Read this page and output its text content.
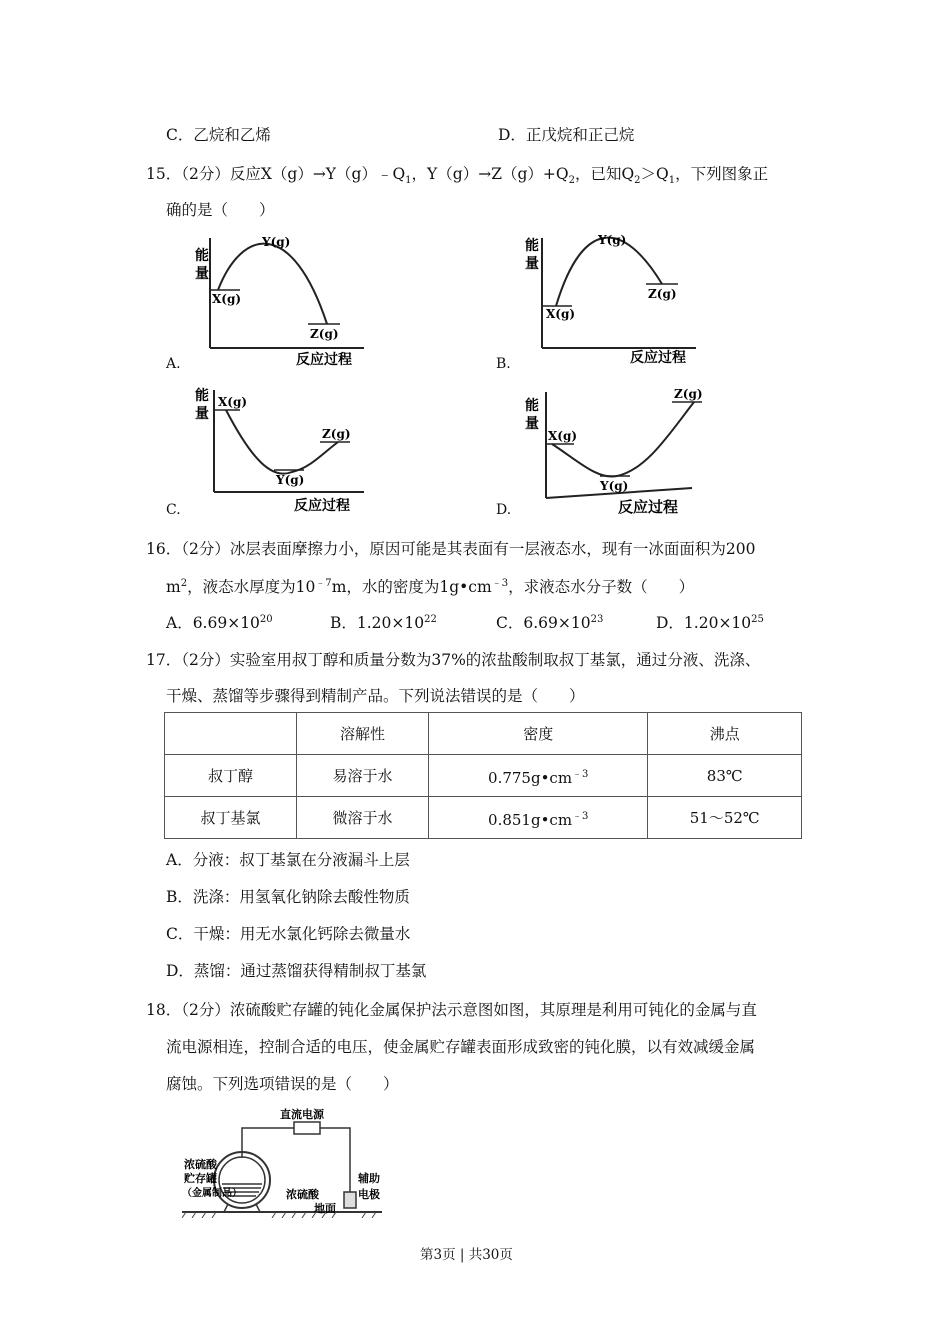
C．乙烷和乙烯	D．正戊烷和正己烷
15．（2分）反应$X(g)\to Y(g)﹣Q_1$，$Y(g)\to Z(g)+Q_2$，已知$Q_2>Q_1$，下列图象正
确的是（　　）
能
量
X(g)
Y(g)
Z(g)
反应过程
A.
能
量
X(g)
Y(g)
Z(g)
反应过程
B.
能
量
X(g)
Y(g)
Z(g)
反应过程
C.
能
量
X(g)
Y(g)
Z(g)
反应过程
D.
16．（2分）冰层表面摩擦力小，原因可能是其表面有一层液态水，现有一冰面面积为200
$m^2$，液态水厚度为$10^{﹣7}m$，水的密度为$1g•cm^{﹣3}$，求液态水分子数（　　）
A．$6.69\times 10^{20}$	B．$1.20\times 10^{22}$	C．$6.69\times 10^{23}$	D．$1.20\times 10^{25}$
17．（2分）实验室用叔丁醇和质量分数为37%的浓盐酸制取叔丁基氯，通过分液、洗涤、
干燥、蒸馏等步骤得到精制产品。下列说法错误的是（　　）
	溶解性	密度	沸点
叔丁醇	易溶于水	$0.775g•cm^{﹣3}$	83℃
叔丁基氯	微溶于水	$0.851g•cm^{﹣3}$	51～52℃
A．分液：叔丁基氯在分液漏斗上层
B．洗涤：用氢氧化钠除去酸性物质
C．干燥：用无水氯化钙除去微量水
D．蒸馏：通过蒸馏获得精制叔丁基氯
18．（2分）浓硫酸贮存罐的钝化金属保护法示意图如图，其原理是利用可钝化的金属与直
流电源相连，控制合适的电压，使金属贮存罐表面形成致密的钝化膜，以有效减缓金属
腐蚀。下列选项错误的是（　　）
直流电源
浓硫酸
贮存罐
（金属制品）	浓硫酸
地面
辅助
电极
第3页 | 共30页
